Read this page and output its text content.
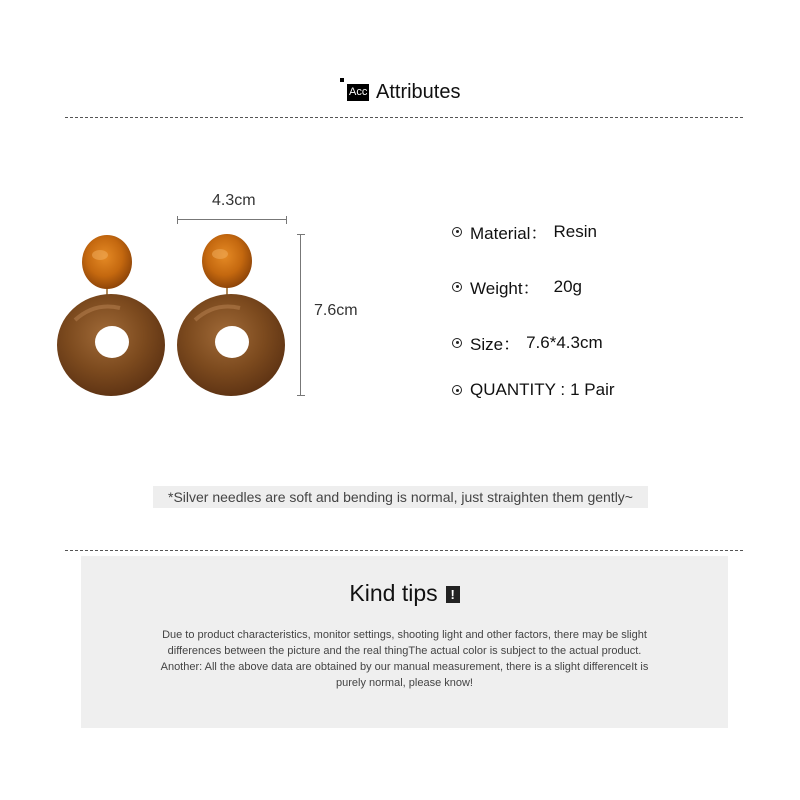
Acc Attributes
4.3cm
7.6cm
Material： Resin
Weight： 20g
Size： 7.6*4.3cm
QUANTITY : 1 Pair
*Silver needles are soft and bending is normal, just straighten them gently~
Kind tips !
Due to product characteristics, monitor settings, shooting light and other factors, there may be slight
differences between the picture and the real thingThe actual color is subject to the actual product.
Another: All the above data are obtained by our manual measurement, there is a slight differenceIt is
purely normal, please know!
